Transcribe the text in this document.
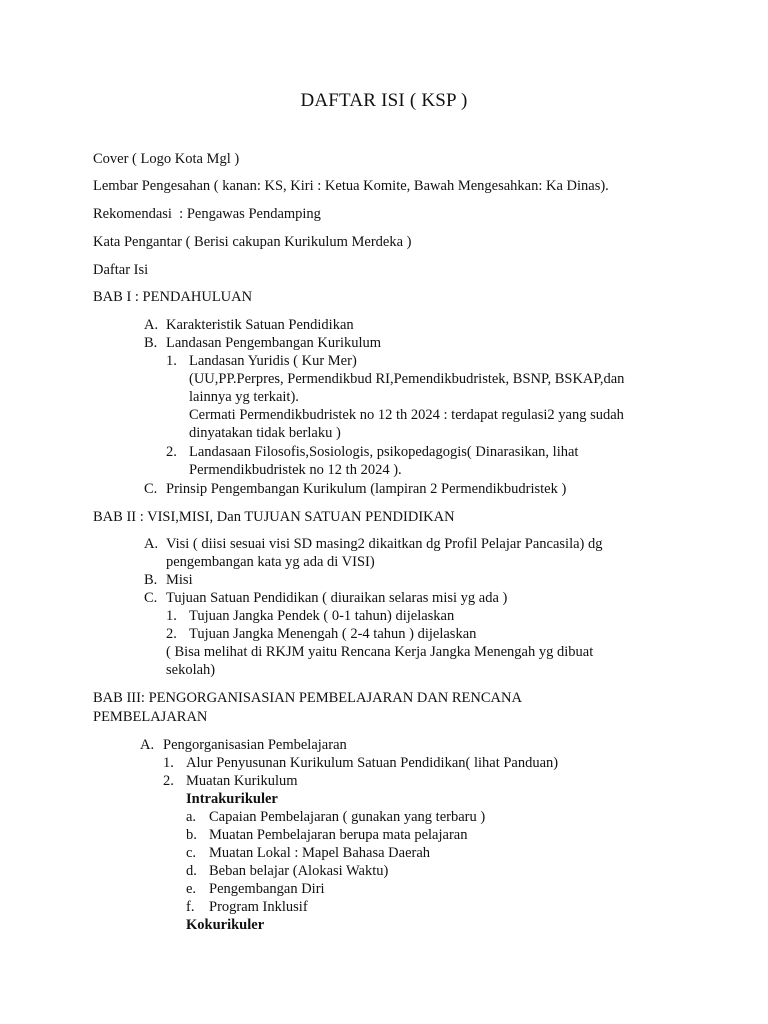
DAFTAR ISI ( KSP )
Cover ( Logo Kota Mgl )
Lembar Pengesahan ( kanan: KS, Kiri : Ketua Komite, Bawah Mengesahkan: Ka Dinas).
Rekomendasi  : Pengawas Pendamping
Kata Pengantar ( Berisi cakupan Kurikulum Merdeka )
Daftar Isi
BAB I : PENDAHULUAN
A. Karakteristik Satuan Pendidikan
B. Landasan Pengembangan Kurikulum
1. Landasan Yuridis ( Kur Mer)
(UU,PP.Perpres, Permendikbud RI,Pemendikbudristek, BSNP, BSKAP,dan
lainnya yg terkait).
Cermati Permendikbudristek no 12 th 2024 : terdapat regulasi2 yang sudah
dinyatakan tidak berlaku )
2. Landasaan Filosofis,Sosiologis, psikopedagogis( Dinarasikan, lihat
Permendikbudristek no 12 th 2024 ).
C. Prinsip Pengembangan Kurikulum (lampiran 2 Permendikbudristek )
BAB II : VISI,MISI, Dan TUJUAN SATUAN PENDIDIKAN
A. Visi ( diisi sesuai visi SD masing2 dikaitkan dg Profil Pelajar Pancasila) dg
pengembangan kata yg ada di VISI)
B. Misi
C. Tujuan Satuan Pendidikan ( diuraikan selaras misi yg ada )
1. Tujuan Jangka Pendek ( 0-1 tahun) dijelaskan
2. Tujuan Jangka Menengah ( 2-4 tahun ) dijelaskan
( Bisa melihat di RKJM yaitu Rencana Kerja Jangka Menengah yg dibuat
sekolah)
BAB III: PENGORGANISASIAN PEMBELAJARAN DAN RENCANA
PEMBELAJARAN
A. Pengorganisasian Pembelajaran
1. Alur Penyusunan Kurikulum Satuan Pendidikan( lihat Panduan)
2. Muatan Kurikulum
Intrakurikuler
a. Capaian Pembelajaran ( gunakan yang terbaru )
b. Muatan Pembelajaran berupa mata pelajaran
c. Muatan Lokal : Mapel Bahasa Daerah
d. Beban belajar (Alokasi Waktu)
e. Pengembangan Diri
f. Program Inklusif
Kokurikuler
